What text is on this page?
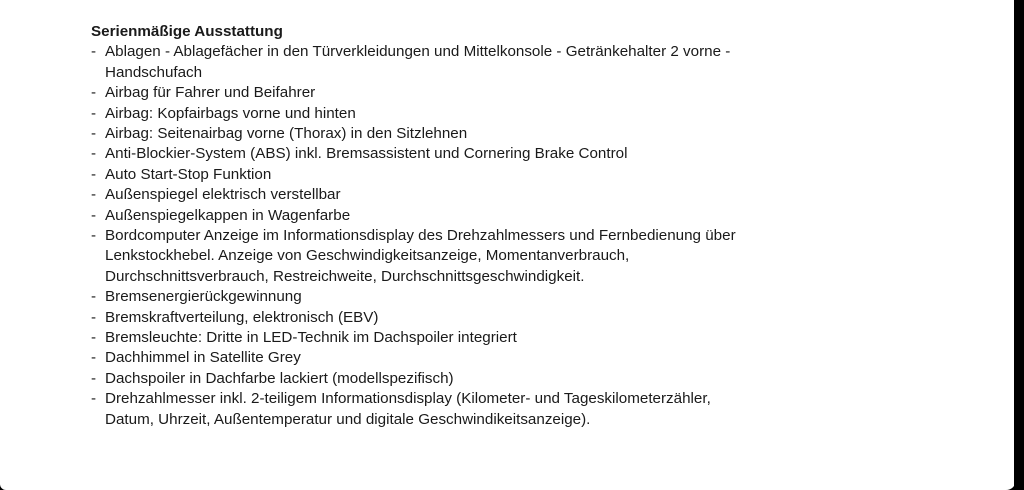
Serienmäßige Ausstattung

- Ablagen - Ablagefächer in den Türverkleidungen und Mittelkonsole - Getränkehalter 2 vorne -
Handschufach
- Airbag für Fahrer und Beifahrer
- Airbag: Kopfairbags vorne und hinten
- Airbag: Seitenairbag vorne (Thorax) in den Sitzlehnen
- Anti-Blockier-System (ABS) inkl. Bremsassistent und Cornering Brake Control
- Auto Start-Stop Funktion
- Außenspiegel elektrisch verstellbar
- Außenspiegelkappen in Wagenfarbe
- Bordcomputer Anzeige im Informationsdisplay des Drehzahlmessers und Fernbedienung über
Lenkstockhebel. Anzeige von Geschwindigkeitsanzeige, Momentanverbrauch,
Durchschnittsverbrauch, Restreichweite, Durchschnittsgeschwindigkeit.
- Bremsenergierückgewinnung
- Bremskraftverteilung, elektronisch (EBV)
- Bremsleuchte: Dritte in LED-Technik im Dachspoiler integriert
- Dachhimmel in Satellite Grey
- Dachspoiler in Dachfarbe lackiert (modellspezifisch)
- Drehzahlmesser inkl. 2-teiligem Informationsdisplay (Kilometer- und Tageskilometerzähler,
Datum, Uhrzeit, Außentemperatur und digitale Geschwindikeitsanzeige).
